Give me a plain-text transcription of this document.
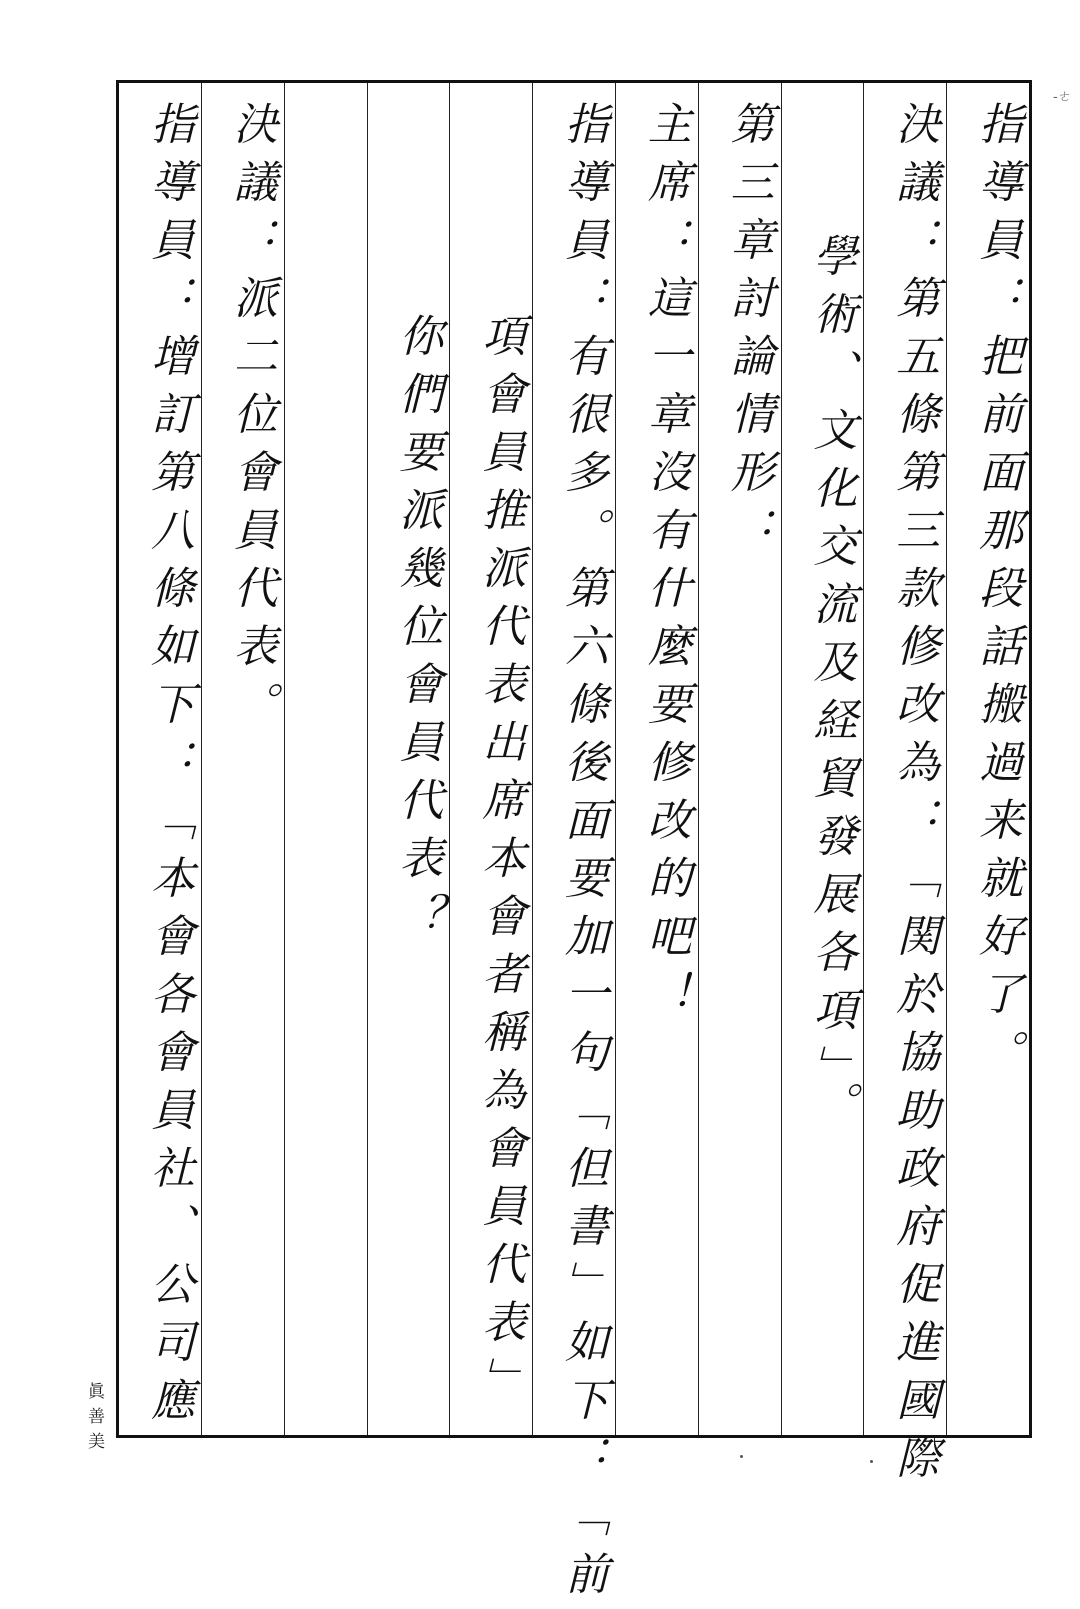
指導員：把前面那段話搬過来就好了。
決議：第五條第三款修改為：「関於協助政府促進國際
學術、文化交流及経貿發展各項」。
第三章討論情形：
主席：這一章沒有什麼要修改的吧！
指導員：有很多。第六條後面要加一句「但書」如下：「前
項會員推派代表出席本會者稱為會員代表」
你們要派幾位會員代表？
決議：派二位會員代表。
指導員：增訂第八條如下：「本會各會員社、公司應
眞善美
‐ㄜ
